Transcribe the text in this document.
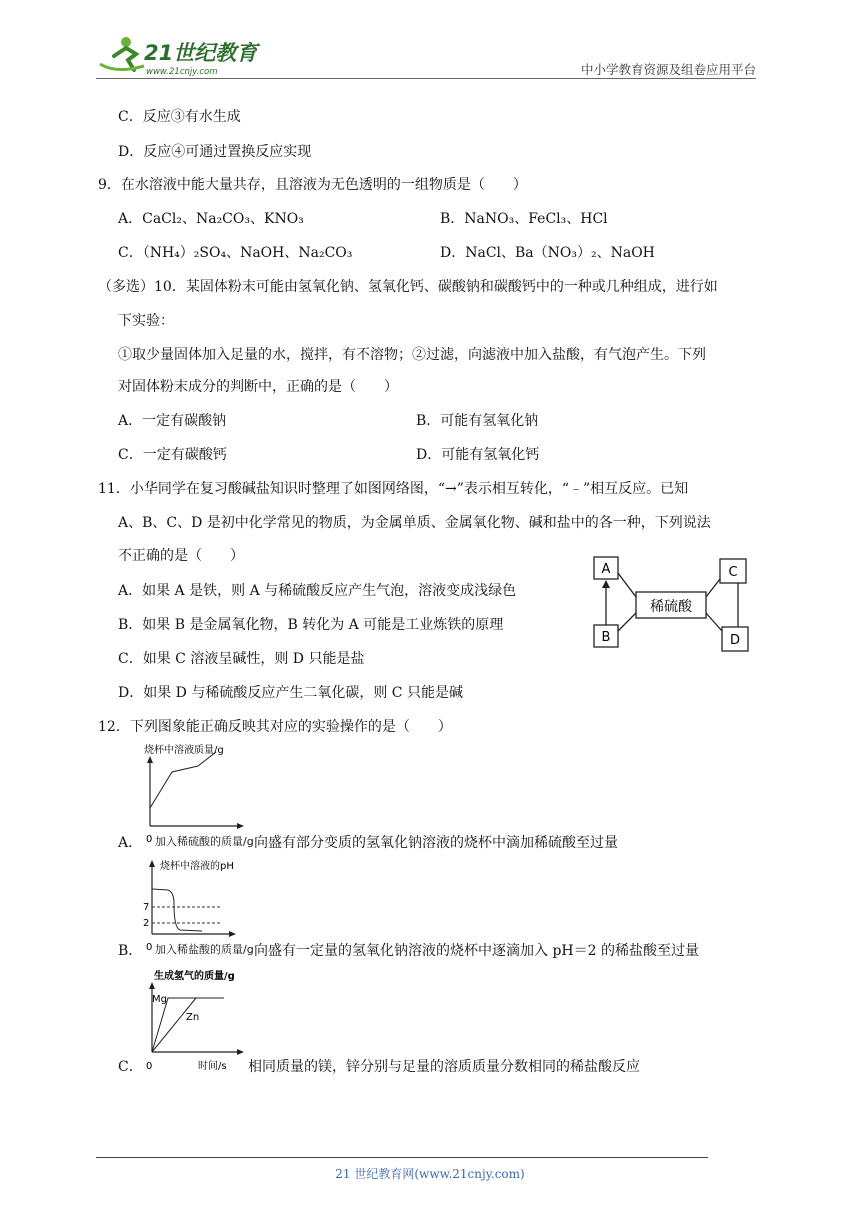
21世纪教育
www.21cnjy.com	中小学教育资源及组卷应用平台
C．反应③有水生成
D．反应④可通过置换反应实现
9．在水溶液中能大量共存，且溶液为无色透明的一组物质是（　　）
A．CaCl₂、Na₂CO₃、KNO₃	B．NaNO₃、FeCl₃、HCl
C．（NH₄）₂SO₄、NaOH、Na₂CO₃	D．NaCl、Ba（NO₃）₂、NaOH
（多选）10．某固体粉末可能由氢氧化钠、氢氧化钙、碳酸钠和碳酸钙中的一种或几种组成，进行如
下实验：
①取少量固体加入足量的水，搅拌，有不溶物；②过滤，向滤液中加入盐酸，有气泡产生。下列
对固体粉末成分的判断中，正确的是（　　）
A．一定有碳酸钠	B．可能有氢氧化钠
C．一定有碳酸钙	D．可能有氢氧化钙
11．小华同学在复习酸碱盐知识时整理了如图网络图，“→”表示相互转化，“﹣”相互反应。已知
A、B、C、D 是初中化学常见的物质，为金属单质、金属氧化物、碱和盐中的各一种，下列说法
不正确的是（　　）
A．如果 A 是铁，则 A 与稀硫酸反应产生气泡，溶液变成浅绿色
B．如果 B 是金属氧化物，B 转化为 A 可能是工业炼铁的原理
C．如果 C 溶液呈碱性，则 D 只能是盐
D．如果 D 与稀硫酸反应产生二氧化碳，则 C 只能是碱
A
B
C
D
稀硫酸
12．下列图象能正确反映其对应的实验操作的是（　　）
烧杯中溶液质量/g
0
A． 加入稀硫酸的质量/g 向盛有部分变质的氢氧化钠溶液的烧杯中滴加稀硫酸至过量
烧杯中溶液的pH
7
2
0
B． 加入稀盐酸的质量/g 向盛有一定量的氢氧化钠溶液的烧杯中逐滴加入 pH＝2 的稀盐酸至过量
生成氢气的质量/g
Mg
Zn
0	时间/s
C．	相同质量的镁，锌分别与足量的溶质质量分数相同的稀盐酸反应
21 世纪教育网(www.21cnjy.com)
